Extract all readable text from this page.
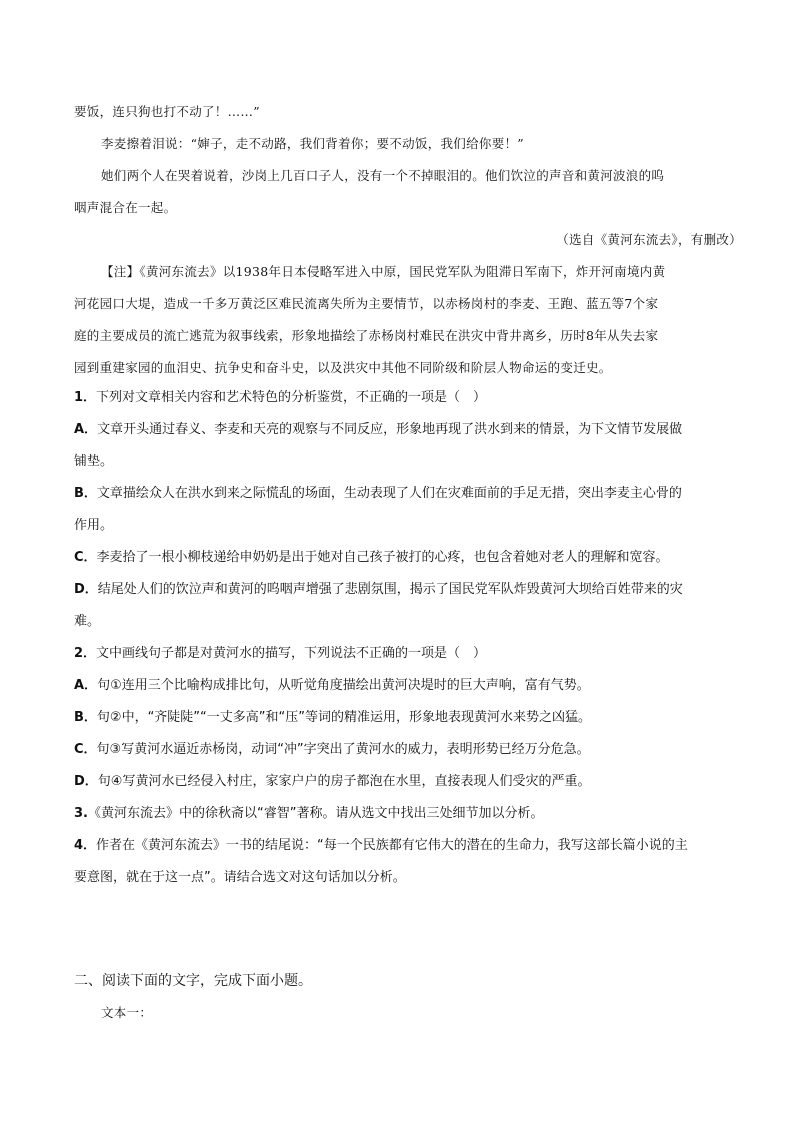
要饭，连只狗也打不动了！……”
李麦擦着泪说：“婶子，走不动路，我们背着你；要不动饭，我们给你要！”
她们两个人在哭着说着，沙岗上几百口子人，没有一个不掉眼泪的。他们饮泣的声音和黄河波浪的呜
咽声混合在一起。
（选自《黄河东流去》，有删改）
【注】《黄河东流去》以1938年日本侵略军进入中原，国民党军队为阻滞日军南下，炸开河南境内黄
河花园口大堤，造成一千多万黄泛区难民流离失所为主要情节，以赤杨岗村的李麦、王跑、蓝五等7个家
庭的主要成员的流亡逃荒为叙事线索，形象地描绘了赤杨岗村难民在洪灾中背井离乡，历时8年从失去家
园到重建家园的血泪史、抗争史和奋斗史，以及洪灾中其他不同阶级和阶层人物命运的变迁史。
1．下列对文章相关内容和艺术特色的分析鉴赏，不正确的一项是（　）
A．文章开头通过春义、李麦和天亮的观察与不同反应，形象地再现了洪水到来的情景，为下文情节发展做
铺垫。
B．文章描绘众人在洪水到来之际慌乱的场面，生动表现了人们在灾难面前的手足无措，突出李麦主心骨的
作用。
C．李麦拾了一根小柳枝递给申奶奶是出于她对自己孩子被打的心疼，也包含着她对老人的理解和宽容。
D．结尾处人们的饮泣声和黄河的呜咽声增强了悲剧氛围，揭示了国民党军队炸毁黄河大坝给百姓带来的灾
难。
2．文中画线句子都是对黄河水的描写，下列说法不正确的一项是（　）
A．句①连用三个比喻构成排比句，从听觉角度描绘出黄河决堤时的巨大声响，富有气势。
B．句②中，“齐陡陡”“一丈多高”和“压”等词的精准运用，形象地表现黄河水来势之凶猛。
C．句③写黄河水逼近赤杨岗，动词“冲”字突出了黄河水的威力，表明形势已经万分危急。
D．句④写黄河水已经侵入村庄，家家户户的房子都泡在水里，直接表现人们受灾的严重。
3.《黄河东流去》中的徐秋斋以“睿智”著称。请从选文中找出三处细节加以分析。
4．作者在《黄河东流去》一书的结尾说：“每一个民族都有它伟大的潜在的生命力，我写这部长篇小说的主
要意图，就在于这一点”。请结合选文对这句话加以分析。
二、阅读下面的文字，完成下面小题。
文本一：
